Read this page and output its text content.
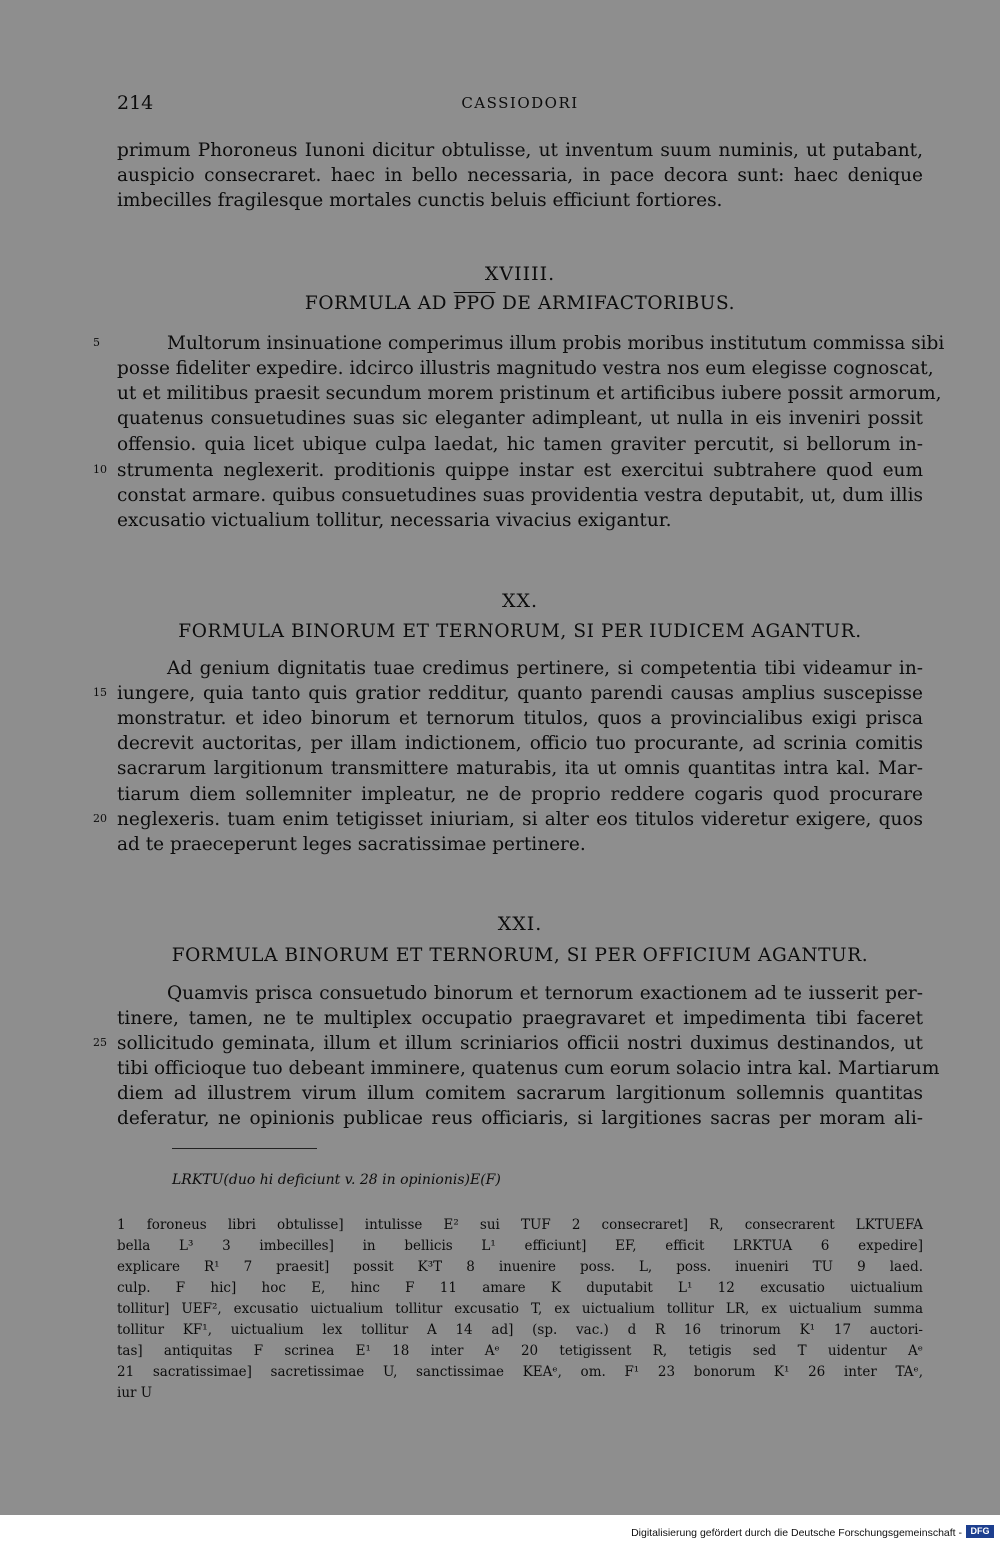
214	CASSIODORI
primum Phoroneus Iunoni dicitur obtulisse, ut inventum suum numinis, ut putabant,
auspicio consecraret. haec in bello necessaria, in pace decora sunt: haec denique
imbecilles fragilesque mortales cunctis beluis efficiunt fortiores.
XVIIII.
FORMULA AD $\overline{PPO}$ DE ARMIFACTORIBUS.
Multorum insinuatione comperimus illum probis moribus institutum commissa sibi
posse fideliter expedire. idcirco illustris magnitudo vestra nos eum elegisse cognoscat,
ut et militibus praesit secundum morem pristinum et artificibus iubere possit armorum,
quatenus consuetudines suas sic eleganter adimpleant, ut nulla in eis inveniri possit
offensio. quia licet ubique culpa laedat, hic tamen graviter percutit, si bellorum in-
strumenta neglexerit. proditionis quippe instar est exercitui subtrahere quod eum
constat armare. quibus consuetudines suas providentia vestra deputabit, ut, dum illis
excusatio victualium tollitur, necessaria vivacius exigantur.
XX.
FORMULA BINORUM ET TERNORUM, SI PER IUDICEM AGANTUR.
Ad genium dignitatis tuae credimus pertinere, si competentia tibi videamur in-
iungere, quia tanto quis gratior redditur, quanto parendi causas amplius suscepisse
monstratur. et ideo binorum et ternorum titulos, quos a provincialibus exigi prisca
decrevit auctoritas, per illam indictionem, officio tuo procurante, ad scrinia comitis
sacrarum largitionum transmittere maturabis, ita ut omnis quantitas intra kal. Mar-
tiarum diem sollemniter impleatur, ne de proprio reddere cogaris quod procurare
neglexeris. tuam enim tetigisset iniuriam, si alter eos titulos videretur exigere, quos
ad te praeceperunt leges sacratissimae pertinere.
XXI.
FORMULA BINORUM ET TERNORUM, SI PER OFFICIUM AGANTUR.
Quamvis prisca consuetudo binorum et ternorum exactionem ad te iusserit per-
tinere, tamen, ne te multiplex occupatio praegravaret et impedimenta tibi faceret
sollicitudo geminata, illum et illum scriniarios officii nostri duximus destinandos, ut
tibi officioque tuo debeant imminere, quatenus cum eorum solacio intra kal. Martiarum
diem ad illustrem virum illum comitem sacrarum largitionum sollemnis quantitas
deferatur, ne opinionis publicae reus officiaris, si largitiones sacras per moram ali-
5
10
15
20
25
LRKTU(duo hi deficiunt v. 28 in opinionis)E(F)
1 foroneus libri obtulisse] intulisse E² sui TUF 2 consecraret] R, consecrarent LKTUEFA
bella L³ 3 imbecilles] in bellicis L¹ efficiunt] EF, efficit LRKTUA 6 expedire]
explicare R¹ 7 praesit] possit K³T 8 inuenire poss. L, poss. inueniri TU 9 laed.
culp. F hic] hoc E, hinc F 11 amare K duputabit L¹ 12 excusatio uictualium
tollitur] UEF², excusatio uictualium tollitur excusatio T, ex uictualium tollitur LR, ex uictualium summa
tollitur KF¹, uictualium lex tollitur A 14 ad] (sp. vac.) d R 16 trinorum K¹ 17 auctori-
tas] antiquitas F scrinea E¹ 18 inter Aᵉ 20 tetigissent R, tetigis sed T uidentur Aᵉ
21 sacratissimae] sacretissimae U, sanctissimae KEAᵉ, om. F¹ 23 bonorum K¹ 26 inter TAᵉ,
iur U
Digitalisierung gefördert durch die Deutsche Forschungsgemeinschaft - DFG
